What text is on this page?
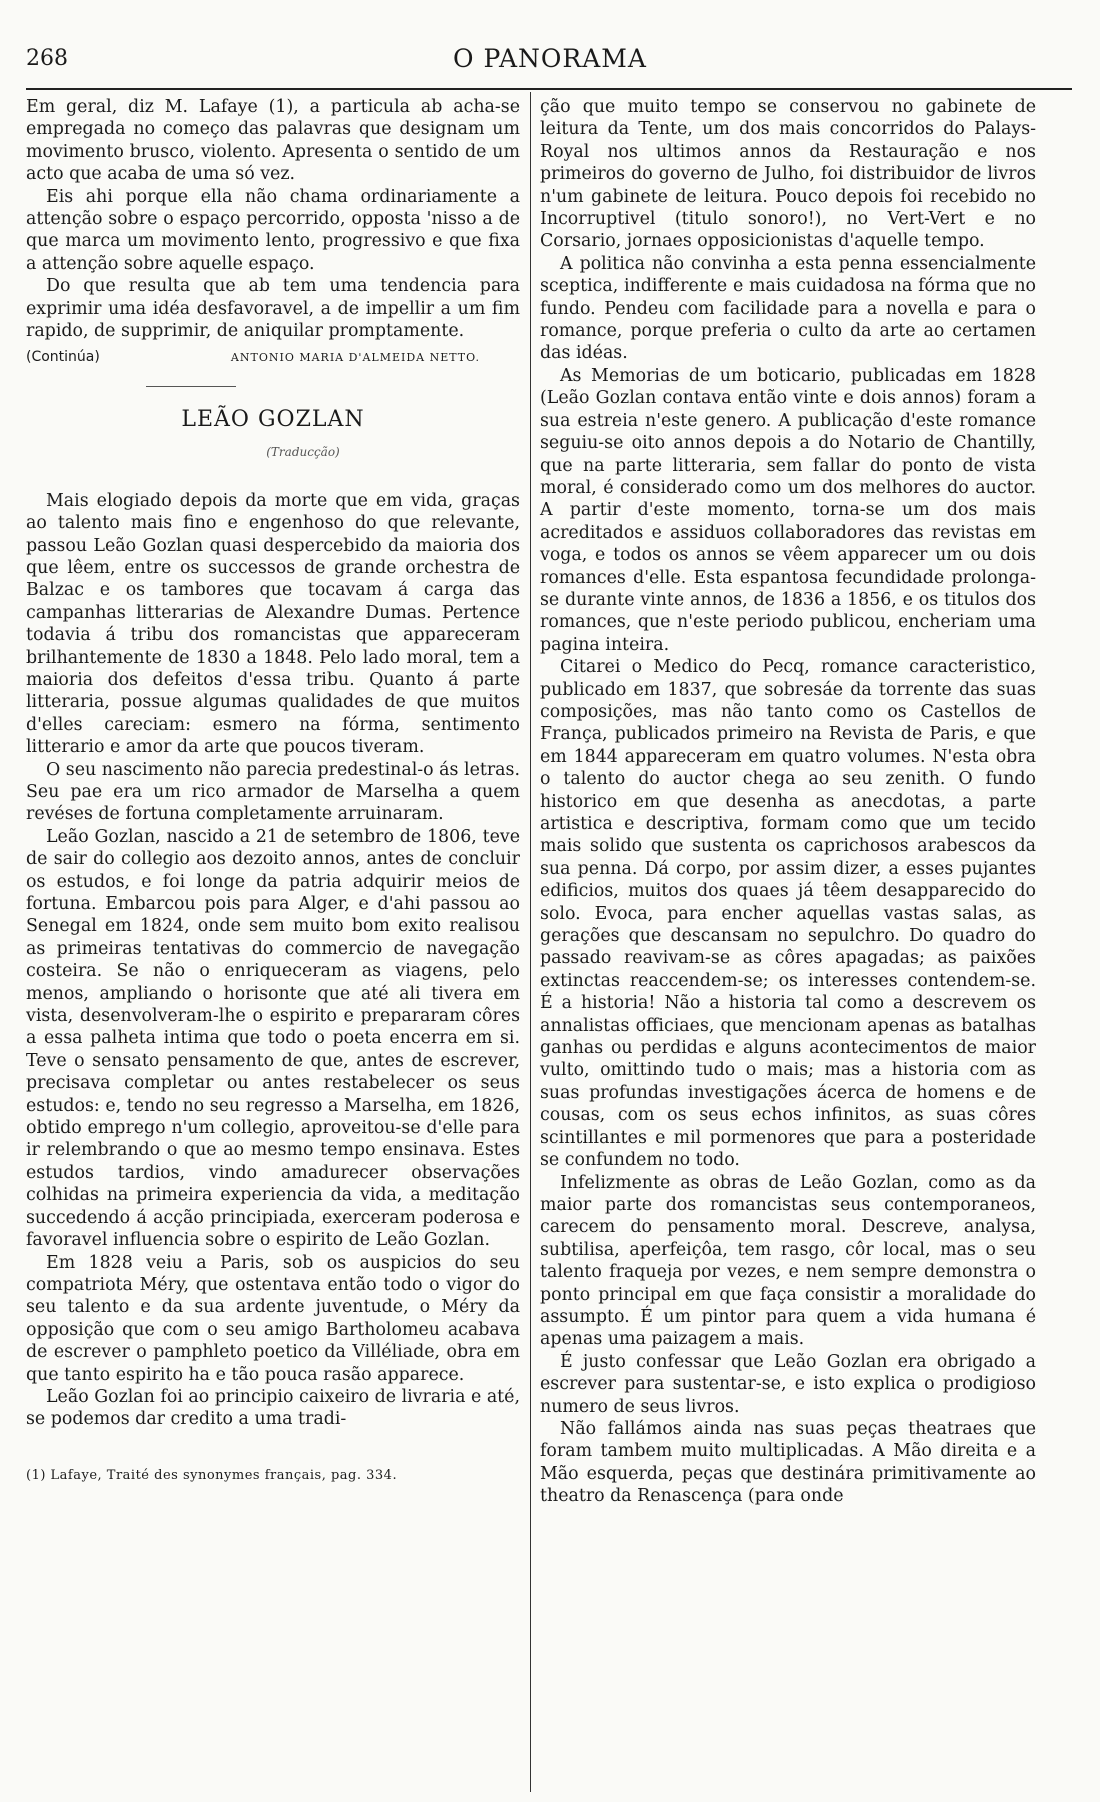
268	O PANORAMA

Em geral, diz M. Lafaye (1), a particula ab acha-se empregada no começo das palavras que designam um movimento brusco, violento. Apresenta o sentido de um acto que acaba de uma só vez.

Eis ahi porque ella não chama ordinariamente a attenção sobre o espaço percorrido, opposta 'nisso a de que marca um movimento lento, progressivo e que fixa a attenção sobre aquelle espaço.

Do que resulta que ab tem uma tendencia para exprimir uma idéa desfavoravel, a de impellir a um fim rapido, de supprimir, de aniquilar promptamente.

(Continúa)	ANTONIO MARIA D'ALMEIDA NETTO.
LEÃO GOZLAN
(Traducção)

Mais elogiado depois da morte que em vida, graças ao talento mais fino e engenhoso do que relevante, passou Leão Gozlan quasi despercebido da maioria dos que lêem, entre os successos de grande orchestra de Balzac e os tambores que tocavam á carga das campanhas litterarias de Alexandre Dumas. Pertence todavia á tribu dos romancistas que appareceram brilhantemente de 1830 a 1848. Pelo lado moral, tem a maioria dos defeitos d'essa tribu. Quanto á parte litteraria, possue algumas qualidades de que muitos d'elles careciam: esmero na fórma, sentimento litterario e amor da arte que poucos tiveram.

O seu nascimento não parecia predestinal-o ás letras. Seu pae era um rico armador de Marselha a quem revéses de fortuna completamente arruinaram.

Leão Gozlan, nascido a 21 de setembro de 1806, teve de sair do collegio aos dezoito annos, antes de concluir os estudos, e foi longe da patria adquirir meios de fortuna. Embarcou pois para Alger, e d'ahi passou ao Senegal em 1824, onde sem muito bom exito realisou as primeiras tentativas do commercio de navegação costeira. Se não o enriqueceram as viagens, pelo menos, ampliando o horisonte que até ali tivera em vista, desenvolveram-lhe o espirito e prepararam côres a essa palheta intima que todo o poeta encerra em si. Teve o sensato pensamento de que, antes de escrever, precisava completar ou antes restabelecer os seus estudos: e, tendo no seu regresso a Marselha, em 1826, obtido emprego n'um collegio, aproveitou-se d'elle para ir relembrando o que ao mesmo tempo ensinava. Estes estudos tardios, vindo amadurecer observações colhidas na primeira experiencia da vida, a meditação succedendo á acção principiada, exerceram poderosa e favoravel influencia sobre o espirito de Leão Gozlan.

Em 1828 veiu a Paris, sob os auspicios do seu compatriota Méry, que ostentava então todo o vigor do seu talento e da sua ardente juventude, o Méry da opposição que com o seu amigo Bartholomeu acabava de escrever o pamphleto poetico da Villéliade, obra em que tanto espirito ha e tão pouca rasão apparece.

Leão Gozlan foi ao principio caixeiro de livraria e até, se podemos dar credito a uma tradi-

(1) Lafaye, Traité des synonymes français, pag. 334.

ção que muito tempo se conservou no gabinete de leitura da Tente, um dos mais concorridos do Palays-Royal nos ultimos annos da Restauração e nos primeiros do governo de Julho, foi distribuidor de livros n'um gabinete de leitura. Pouco depois foi recebido no Incorruptivel (titulo sonoro!), no Vert-Vert e no Corsario, jornaes opposicionistas d'aquelle tempo.

A politica não convinha a esta penna essencialmente sceptica, indifferente e mais cuidadosa na fórma que no fundo. Pendeu com facilidade para a novella e para o romance, porque preferia o culto da arte ao certamen das idéas.

As Memorias de um boticario, publicadas em 1828 (Leão Gozlan contava então vinte e dois annos) foram a sua estreia n'este genero. A publicação d'este romance seguiu-se oito annos depois a do Notario de Chantilly, que na parte litteraria, sem fallar do ponto de vista moral, é considerado como um dos melhores do auctor. A partir d'este momento, torna-se um dos mais acreditados e assiduos collaboradores das revistas em voga, e todos os annos se vêem apparecer um ou dois romances d'elle. Esta espantosa fecundidade prolonga-se durante vinte annos, de 1836 a 1856, e os titulos dos romances, que n'este periodo publicou, encheriam uma pagina inteira.

Citarei o Medico do Pecq, romance caracteristico, publicado em 1837, que sobresáe da torrente das suas composições, mas não tanto como os Castellos de França, publicados primeiro na Revista de Paris, e que em 1844 appareceram em quatro volumes. N'esta obra o talento do auctor chega ao seu zenith. O fundo historico em que desenha as anecdotas, a parte artistica e descriptiva, formam como que um tecido mais solido que sustenta os caprichosos arabescos da sua penna. Dá corpo, por assim dizer, a esses pujantes edificios, muitos dos quaes já têem desapparecido do solo. Evoca, para encher aquellas vastas salas, as gerações que descansam no sepulchro. Do quadro do passado reavivam-se as côres apagadas; as paixões extinctas reaccendem-se; os interesses contendem-se. É a historia! Não a historia tal como a descrevem os annalistas officiaes, que mencionam apenas as batalhas ganhas ou perdidas e alguns acontecimentos de maior vulto, omittindo tudo o mais; mas a historia com as suas profundas investigações ácerca de homens e de cousas, com os seus echos infinitos, as suas côres scintillantes e mil pormenores que para a posteridade se confundem no todo.

Infelizmente as obras de Leão Gozlan, como as da maior parte dos romancistas seus contemporaneos, carecem do pensamento moral. Descreve, analysa, subtilisa, aperfeiçôa, tem rasgo, côr local, mas o seu talento fraqueja por vezes, e nem sempre demonstra o ponto principal em que faça consistir a moralidade do assumpto. É um pintor para quem a vida humana é apenas uma paizagem a mais.

É justo confessar que Leão Gozlan era obrigado a escrever para sustentar-se, e isto explica o prodigioso numero de seus livros.

Não fallámos ainda nas suas peças theatraes que foram tambem muito multiplicadas. A Mão direita e a Mão esquerda, peças que destinára primitivamente ao theatro da Renascença (para onde
